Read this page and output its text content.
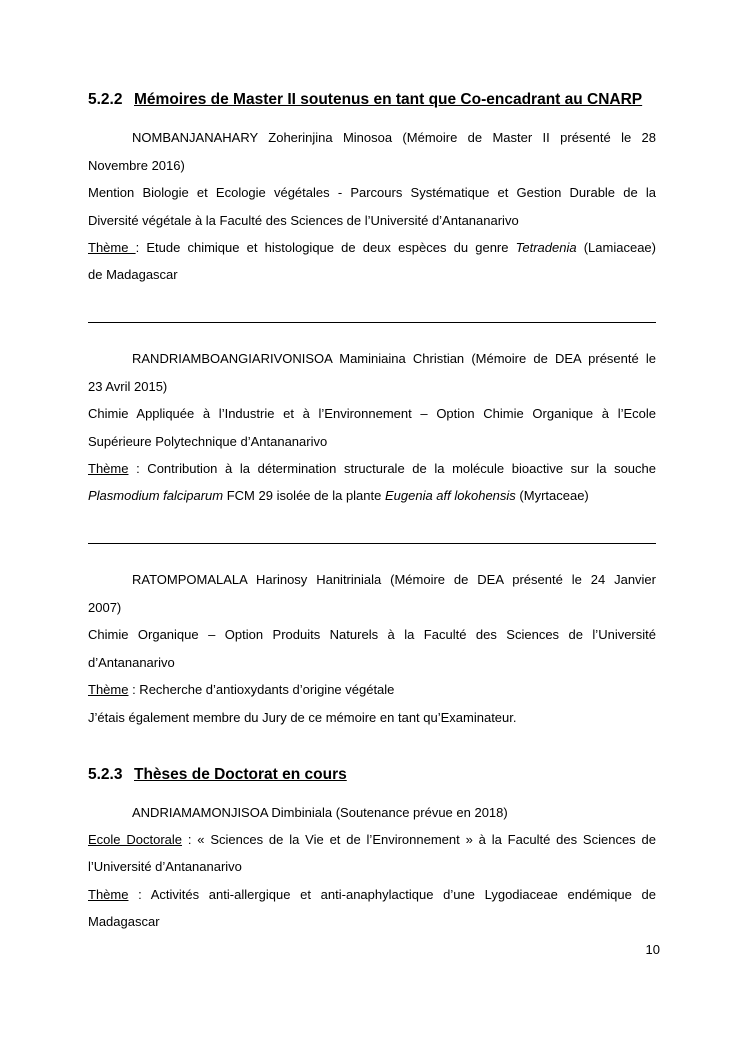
5.2.2 Mémoires de Master II soutenus en tant que Co-encadrant au CNARP
NOMBANJANAHARY Zoherinjina Minosoa (Mémoire de Master II présenté le 28
Novembre 2016)
Mention Biologie et Ecologie végétales - Parcours Systématique et Gestion Durable de la
Diversité végétale à la Faculté des Sciences de l’Université d’Antananarivo
Thème : Etude chimique et histologique de deux espèces du genre Tetradenia (Lamiaceae)
de Madagascar
RANDRIAMBOANGIARIVONISOA Maminiaina Christian (Mémoire de DEA présenté le
23 Avril 2015)
Chimie Appliquée à l’Industrie et à l’Environnement – Option Chimie Organique à l’Ecole
Supérieure Polytechnique d’Antananarivo
Thème : Contribution à la détermination structurale de la molécule bioactive sur la souche
Plasmodium falciparum FCM 29 isolée de la plante Eugenia aff lokohensis (Myrtaceae)
RATOMPOMALALA Harinosy Hanitriniala (Mémoire de DEA présenté le 24 Janvier
2007)
Chimie Organique – Option Produits Naturels à la Faculté des Sciences de l’Université
d’Antananarivo
Thème : Recherche d’antioxydants d’origine végétale
J’étais également membre du Jury de ce mémoire en tant qu’Examinateur.
5.2.3 Thèses de Doctorat en cours
ANDRIAMAMONJISOA Dimbiniala (Soutenance prévue en 2018)
Ecole Doctorale : « Sciences de la Vie et de l’Environnement » à la Faculté des Sciences de
l’Université d’Antananarivo
Thème : Activités anti-allergique et anti-anaphylactique d’une Lygodiaceae endémique de
Madagascar
10
